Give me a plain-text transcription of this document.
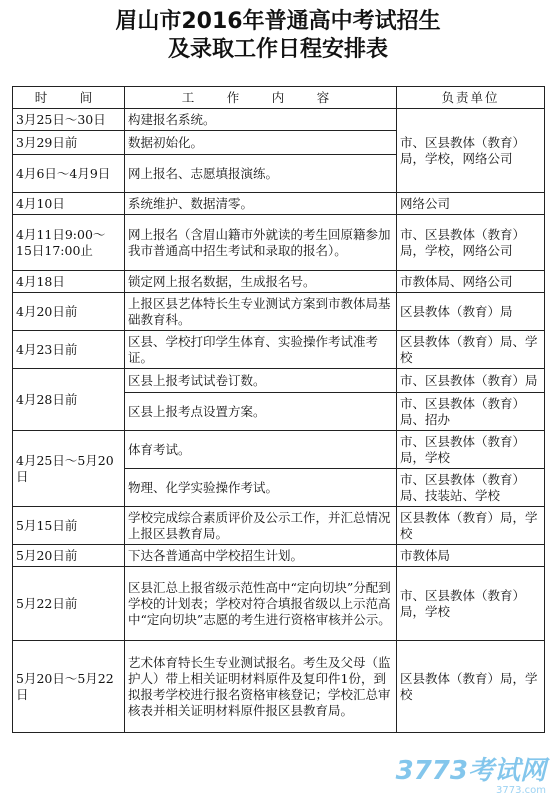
眉山市2016年普通高中考试招生
及录取工作日程安排表
时　间	工　作　内　容	负责单位
3月25日～30日	构建报名系统。	市、区县教体（教育）局，学校，网络公司
3月29日前	数据初始化。	
4月6日～4月9日	网上报名、志愿填报演练。	
4月10日	系统维护、数据清零。	网络公司
4月11日9:00～15日17:00止	网上报名（含眉山籍市外就读的考生回原籍参加我市普通高中招生考试和录取的报名）。	市、区县教体（教育）局，学校，网络公司
4月18日	锁定网上报名数据，生成报名号。	市教体局、网络公司
4月20日前	上报区县艺体特长生专业测试方案到市教体局基础教育科。	区县教体（教育）局
4月23日前	区县、学校打印学生体育、实验操作考试准考证。	区县教体（教育）局、学校
4月28日前	区县上报考试试卷订数。	市、区县教体（教育）局
	区县上报考点设置方案。	市、区县教体（教育）局、招办
4月25日～5月20日	体育考试。	市、区县教体（教育）局，学校
	物理、化学实验操作考试。	市、区县教体（教育）局、技装站、学校
5月15日前	学校完成综合素质评价及公示工作，并汇总情况上报区县教育局。	区县教体（教育）局，学校
5月20日前	下达各普通高中学校招生计划。	市教体局
5月22日前	区县汇总上报省级示范性高中“定向切块”分配到学校的计划表；学校对符合填报省级以上示范高中“定向切块”志愿的考生进行资格审核并公示。	市、区县教体（教育）局，学校
5月20日～5月22日	艺术体育特长生专业测试报名。考生及父母（监护人）带上相关证明材料原件及复印件1份，到拟报考学校进行报名资格审核登记；学校汇总审核表并相关证明材料原件报区县教育局。	区县教体（教育）局，学校
3773考试网
3773.com
